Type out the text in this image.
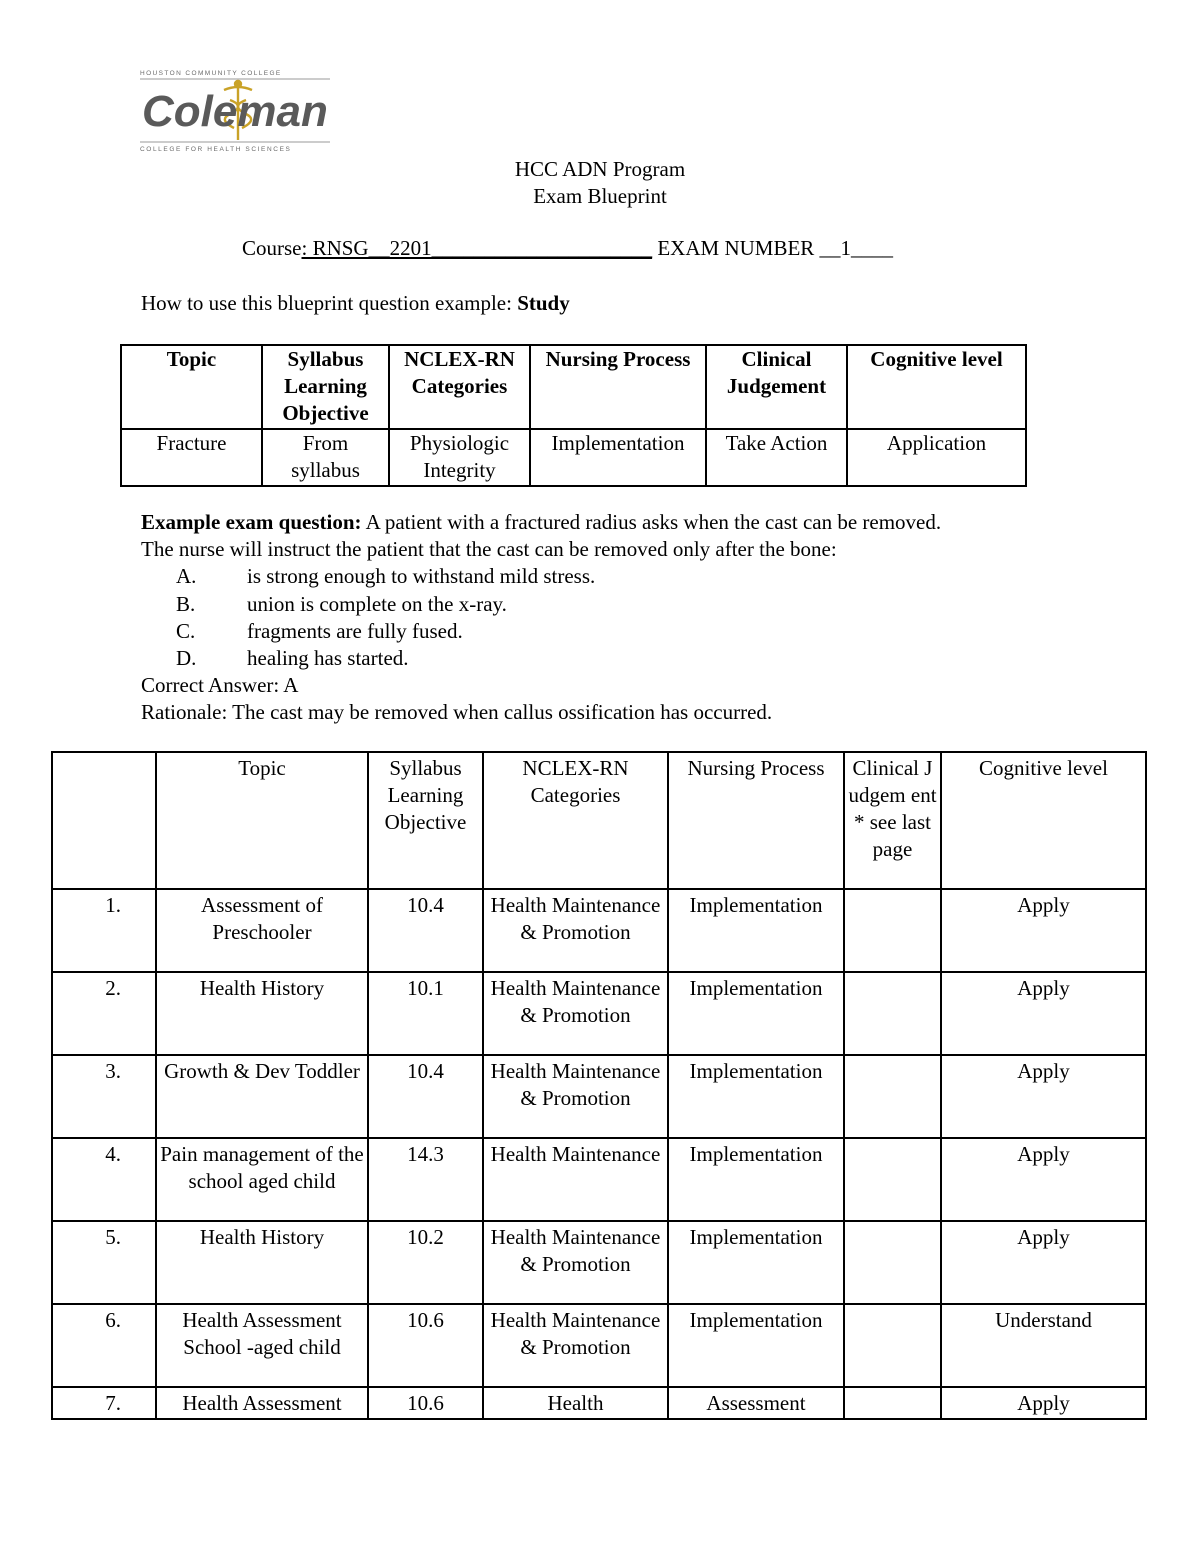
HOUSTON COMMUNITY COLLEGE
Coleman
COLLEGE FOR HEALTH SCIENCES
HCC ADN Program
Exam Blueprint
Course: RNSG__2201_____________________ EXAM NUMBER __1____
How to use this blueprint question example: Study
Topic	Syllabus Learning Objective	NCLEX-RN Categories	Nursing Process	Clinical Judgement	Cognitive level
Fracture	From syllabus	Physiologic Integrity	Implementation	Take Action	Application
Example exam question: A patient with a fractured radius asks when the cast can be removed.
The nurse will instruct the patient that the cast can be removed only after the bone:
A.	is strong enough to withstand mild stress.
B.	union is complete on the x-ray.
C.	fragments are fully fused.
D.	healing has started.
Correct Answer: A
Rationale: The cast may be removed when callus ossification has occurred.
	Topic	Syllabus Learning Objective	NCLEX-RN Categories	Nursing Process	Clinical Judgem ent* see last page	Cognitive level
1.	Assessment of Preschooler	10.4	Health Maintenance & Promotion	Implementation		Apply
2.	Health History	10.1	Health Maintenance & Promotion	Implementation		Apply
3.	Growth & Dev Toddler	10.4	Health Maintenance & Promotion	Implementation		Apply
4.	Pain management of the school aged child	14.3	Health Maintenance	Implementation		Apply
5.	Health History	10.2	Health Maintenance & Promotion	Implementation		Apply
6.	Health Assessment School -aged child	10.6	Health Maintenance & Promotion	Implementation		Understand
7.	Health Assessment	10.6	Health	Assessment		Apply
